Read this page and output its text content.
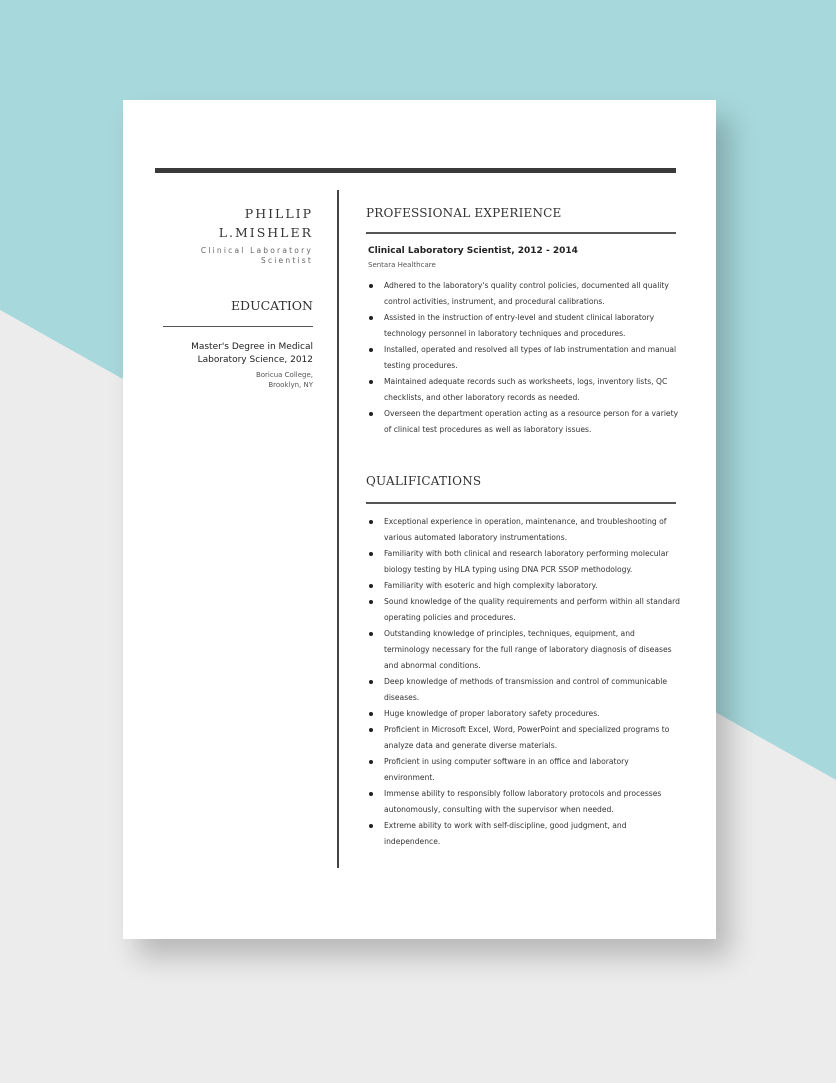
PHILLIP
L.MISHLER
Clinical Laboratory
Scientist
EDUCATION
Master's Degree in Medical
Laboratory Science, 2012
Boricua College,
Brooklyn, NY
PROFESSIONAL EXPERIENCE
Clinical Laboratory Scientist, 2012 - 2014
Sentara Healthcare
Adhered to the laboratory's quality control policies, documented all quality control activities, instrument, and procedural calibrations.
Assisted in the instruction of entry-level and student clinical laboratory technology personnel in laboratory techniques and procedures.
Installed, operated and resolved all types of lab instrumentation and manual testing procedures.
Maintained adequate records such as worksheets, logs, inventory lists, QC checklists, and other laboratory records as needed.
Overseen the department operation acting as a resource person for a variety of clinical test procedures as well as laboratory issues.
QUALIFICATIONS
Exceptional experience in operation, maintenance, and troubleshooting of various automated laboratory instrumentations.
Familiarity with both clinical and research laboratory performing molecular biology testing by HLA typing using DNA PCR SSOP methodology.
Familiarity with esoteric and high complexity laboratory.
Sound knowledge of the quality requirements and perform within all standard operating policies and procedures.
Outstanding knowledge of principles, techniques, equipment, and terminology necessary for the full range of laboratory diagnosis of diseases and abnormal conditions.
Deep knowledge of methods of transmission and control of communicable diseases.
Huge knowledge of proper laboratory safety procedures.
Proficient in Microsoft Excel, Word, PowerPoint and specialized programs to analyze data and generate diverse materials.
Proficient in using computer software in an office and laboratory environment.
Immense ability to responsibly follow laboratory protocols and processes autonomously, consulting with the supervisor when needed.
Extreme ability to work with self-discipline, good judgment, and independence.
